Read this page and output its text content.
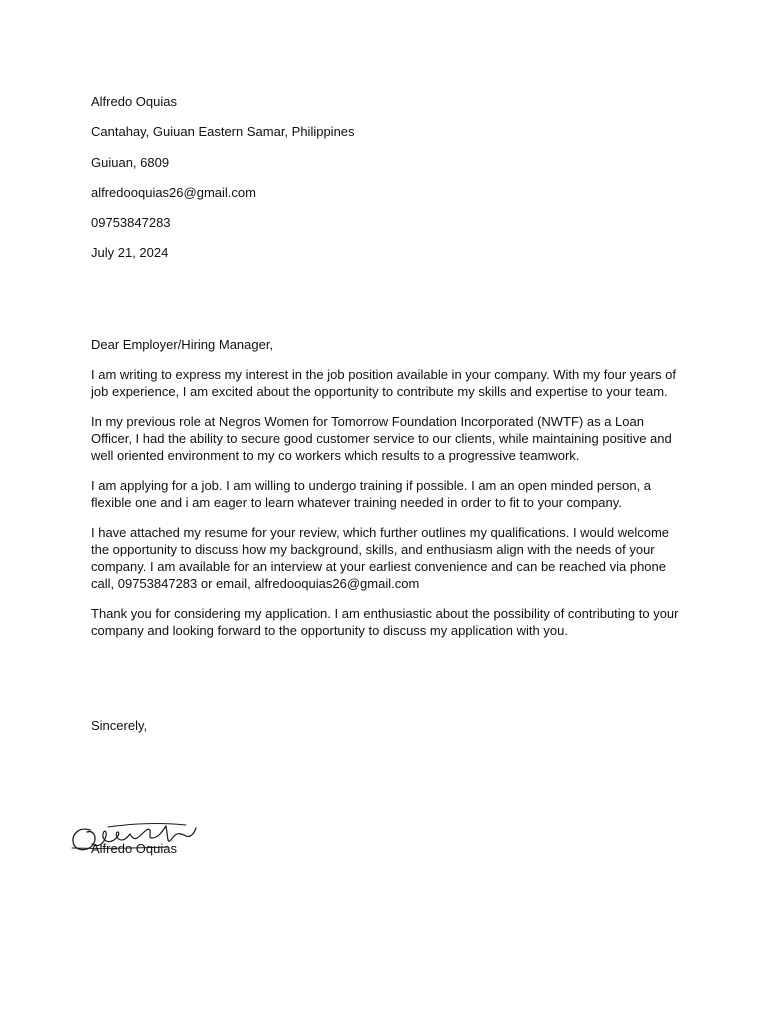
Alfredo Oquias
Cantahay, Guiuan Eastern Samar, Philippines
Guiuan, 6809
alfredooquias26@gmail.com
09753847283
July 21, 2024
Dear Employer/Hiring Manager,

I am writing to express my interest in the job position available in your company. With my four years of job experience, I am excited about the opportunity to contribute my skills and expertise to your team.

In my previous role at Negros Women for Tomorrow Foundation Incorporated (NWTF) as a Loan Officer, I had the ability to secure good customer service to our clients, while maintaining positive and well oriented environment to my co workers which results to a progressive teamwork.

I am applying for a job. I am willing to undergo training if possible. I am an open minded person, a flexible one and i am eager to learn whatever training needed in order to fit to your company.

I have attached my resume for your review, which further outlines my qualifications. I would welcome the opportunity to discuss how my background, skills, and enthusiasm align with the needs of your company. I am available for an interview at your earliest convenience and can be reached via phone call, 09753847283 or email, alfredooquias26@gmail.com

Thank you for considering my application. I am enthusiastic about the possibility of contributing to your company and looking forward to the opportunity to discuss my application with you.

Sincerely,
Alfredo Oquias
